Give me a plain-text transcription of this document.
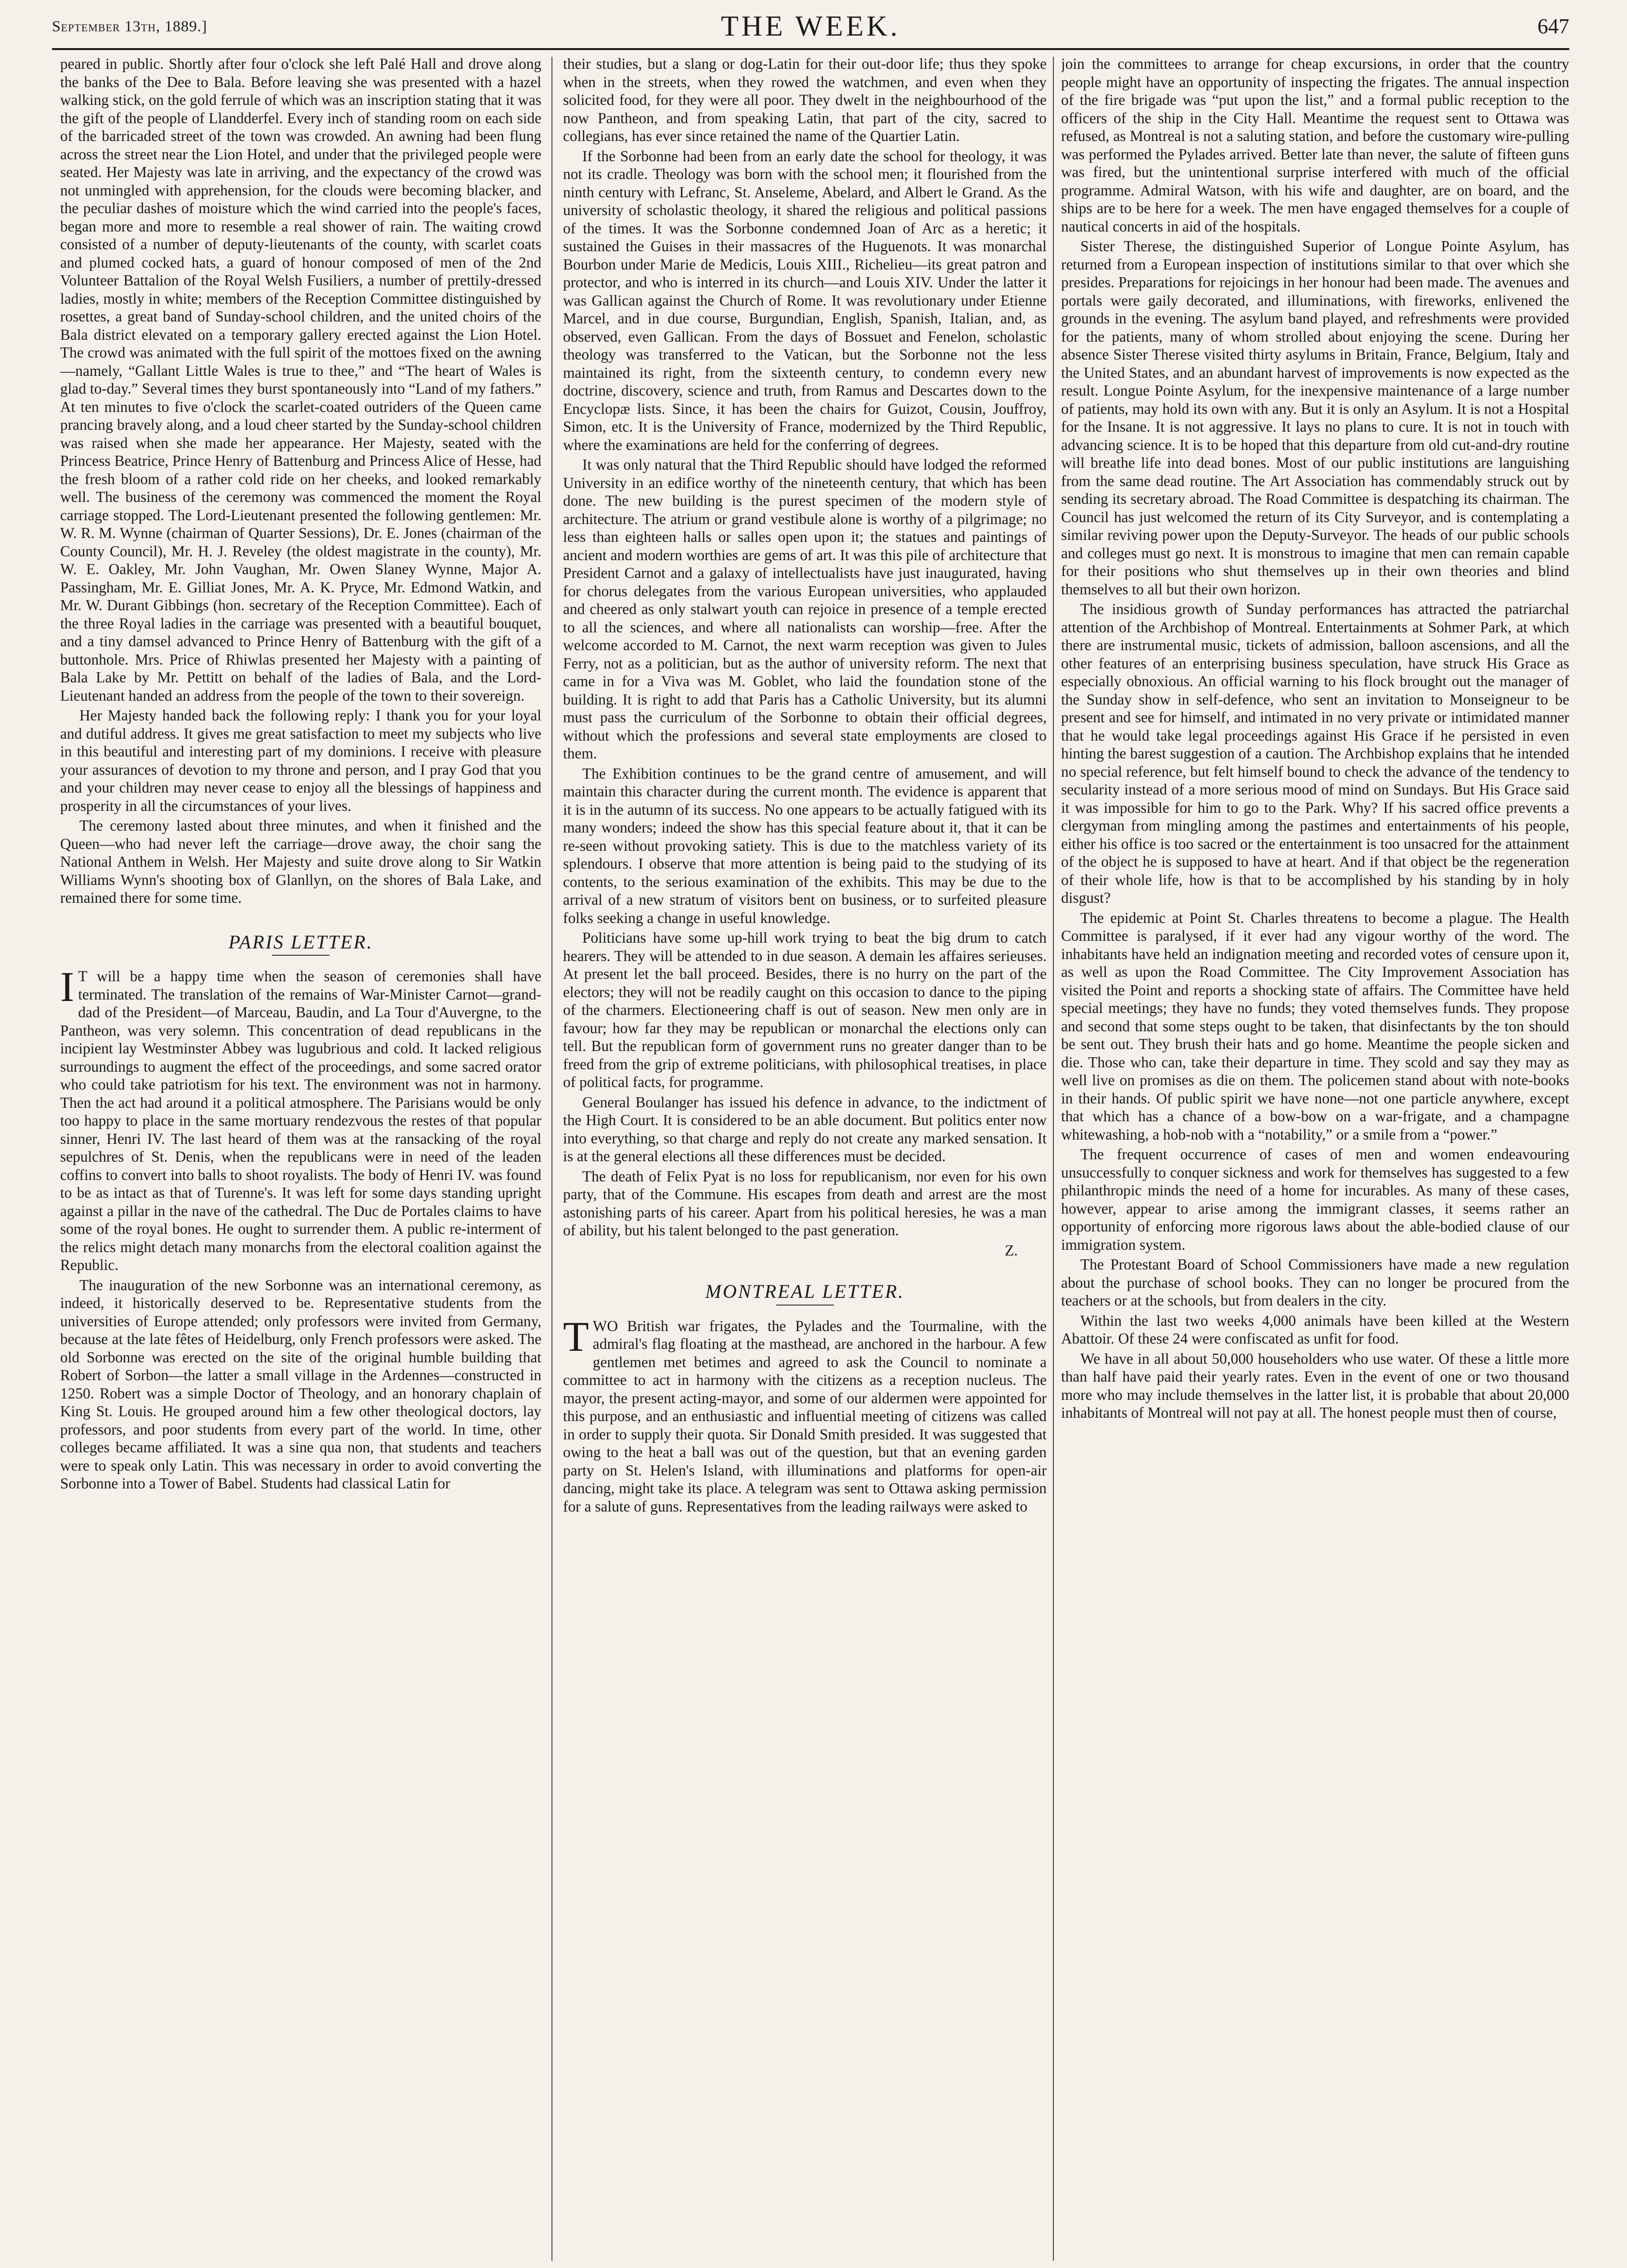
September 13th, 1889.]	THE WEEK.	647

peared in public. Shortly after four o'clock she left Palé Hall and drove along the banks of the Dee to Bala. Before leaving she was presented with a hazel walking stick, on the gold ferrule of which was an inscription stating that it was the gift of the people of Llandderfel. Every inch of standing room on each side of the barricaded street of the town was crowded. An awning had been flung across the street near the Lion Hotel, and under that the privileged people were seated. Her Majesty was late in arriving, and the expectancy of the crowd was not unmingled with apprehension, for the clouds were becoming blacker, and the peculiar dashes of moisture which the wind carried into the people's faces, began more and more to resemble a real shower of rain. The waiting crowd consisted of a number of deputy-lieutenants of the county, with scarlet coats and plumed cocked hats, a guard of honour composed of men of the 2nd Volunteer Battalion of the Royal Welsh Fusiliers, a number of prettily-dressed ladies, mostly in white; members of the Reception Committee distinguished by rosettes, a great band of Sunday-school children, and the united choirs of the Bala district elevated on a temporary gallery erected against the Lion Hotel. The crowd was animated with the full spirit of the mottoes fixed on the awning—namely, “Gallant Little Wales is true to thee,” and “The heart of Wales is glad to-day.” Several times they burst spontaneously into “Land of my fathers.” At ten minutes to five o'clock the scarlet-coated outriders of the Queen came prancing bravely along, and a loud cheer started by the Sunday-school children was raised when she made her appearance. Her Majesty, seated with the Princess Beatrice, Prince Henry of Battenburg and Princess Alice of Hesse, had the fresh bloom of a rather cold ride on her cheeks, and looked remarkably well. The business of the ceremony was commenced the moment the Royal carriage stopped. The Lord-Lieutenant presented the following gentlemen: Mr. W. R. M. Wynne (chairman of Quarter Sessions), Dr. E. Jones (chairman of the County Council), Mr. H. J. Reveley (the oldest magistrate in the county), Mr. W. E. Oakley, Mr. John Vaughan, Mr. Owen Slaney Wynne, Major A. Passingham, Mr. E. Gilliat Jones, Mr. A. K. Pryce, Mr. Edmond Watkin, and Mr. W. Durant Gibbings (hon. secretary of the Reception Committee). Each of the three Royal ladies in the carriage was presented with a beautiful bouquet, and a tiny damsel advanced to Prince Henry of Battenburg with the gift of a buttonhole. Mrs. Price of Rhiwlas presented her Majesty with a painting of Bala Lake by Mr. Pettitt on behalf of the ladies of Bala, and the Lord-Lieutenant handed an address from the people of the town to their sovereign.

Her Majesty handed back the following reply: I thank you for your loyal and dutiful address. It gives me great satisfaction to meet my subjects who live in this beautiful and interesting part of my dominions. I receive with pleasure your assurances of devotion to my throne and person, and I pray God that you and your children may never cease to enjoy all the blessings of happiness and prosperity in all the circumstances of your lives.

The ceremony lasted about three minutes, and when it finished and the Queen—who had never left the carriage—drove away, the choir sang the National Anthem in Welsh. Her Majesty and suite drove along to Sir Watkin Williams Wynn's shooting box of Glanllyn, on the shores of Bala Lake, and remained there for some time.

PARIS LETTER.

I T will be a happy time when the season of ceremonies shall have terminated. The translation of the remains of War-Minister Carnot—grand-dad of the President—of Marceau, Baudin, and La Tour d'Auvergne, to the Pantheon, was very solemn. This concentration of dead republicans in the incipient lay Westminster Abbey was lugubrious and cold. It lacked religious surroundings to augment the effect of the proceedings, and some sacred orator who could take patriotism for his text. The environment was not in harmony. Then the act had around it a political atmosphere. The Parisians would be only too happy to place in the same mortuary rendezvous the restes of that popular sinner, Henri IV. The last heard of them was at the ransacking of the royal sepulchres of St. Denis, when the republicans were in need of the leaden coffins to convert into balls to shoot royalists. The body of Henri IV. was found to be as intact as that of Turenne's. It was left for some days standing upright against a pillar in the nave of the cathedral. The Duc de Portales claims to have some of the royal bones. He ought to surrender them. A public re-interment of the relics might detach many monarchs from the electoral coalition against the Republic.

The inauguration of the new Sorbonne was an international ceremony, as indeed, it historically deserved to be. Representative students from the universities of Europe attended; only professors were invited from Germany, because at the late fêtes of Heidelburg, only French professors were asked. The old Sorbonne was erected on the site of the original humble building that Robert of Sorbon—the latter a small village in the Ardennes—constructed in 1250. Robert was a simple Doctor of Theology, and an honorary chaplain of King St. Louis. He grouped around him a few other theological doctors, lay professors, and poor students from every part of the world. In time, other colleges became affiliated. It was a sine qua non, that students and teachers were to speak only Latin. This was necessary in order to avoid converting the Sorbonne into a Tower of Babel. Students had classical Latin for

their studies, but a slang or dog-Latin for their out-door life; thus they spoke when in the streets, when they rowed the watchmen, and even when they solicited food, for they were all poor. They dwelt in the neighbourhood of the now Pantheon, and from speaking Latin, that part of the city, sacred to collegians, has ever since retained the name of the Quartier Latin.

If the Sorbonne had been from an early date the school for theology, it was not its cradle. Theology was born with the school men; it flourished from the ninth century with Lefranc, St. Anseleme, Abelard, and Albert le Grand. As the university of scholastic theology, it shared the religious and political passions of the times. It was the Sorbonne condemned Joan of Arc as a heretic; it sustained the Guises in their massacres of the Huguenots. It was monarchal Bourbon under Marie de Medicis, Louis XIII., Richelieu—its great patron and protector, and who is interred in its church—and Louis XIV. Under the latter it was Gallican against the Church of Rome. It was revolutionary under Etienne Marcel, and in due course, Burgundian, English, Spanish, Italian, and, as observed, even Gallican. From the days of Bossuet and Fenelon, scholastic theology was transferred to the Vatican, but the Sorbonne not the less maintained its right, from the sixteenth century, to condemn every new doctrine, discovery, science and truth, from Ramus and Descartes down to the Encyclopæ lists. Since, it has been the chairs for Guizot, Cousin, Jouffroy, Simon, etc. It is the University of France, modernized by the Third Republic, where the examinations are held for the conferring of degrees.

It was only natural that the Third Republic should have lodged the reformed University in an edifice worthy of the nineteenth century, that which has been done. The new building is the purest specimen of the modern style of architecture. The atrium or grand vestibule alone is worthy of a pilgrimage; no less than eighteen halls or salles open upon it; the statues and paintings of ancient and modern worthies are gems of art. It was this pile of architecture that President Carnot and a galaxy of intellectualists have just inaugurated, having for chorus delegates from the various European universities, who applauded and cheered as only stalwart youth can rejoice in presence of a temple erected to all the sciences, and where all nationalists can worship—free. After the welcome accorded to M. Carnot, the next warm reception was given to Jules Ferry, not as a politician, but as the author of university reform. The next that came in for a Viva was M. Goblet, who laid the foundation stone of the building. It is right to add that Paris has a Catholic University, but its alumni must pass the curriculum of the Sorbonne to obtain their official degrees, without which the professions and several state employments are closed to them.

The Exhibition continues to be the grand centre of amusement, and will maintain this character during the current month. The evidence is apparent that it is in the autumn of its success. No one appears to be actually fatigued with its many wonders; indeed the show has this special feature about it, that it can be re-seen without provoking satiety. This is due to the matchless variety of its splendours. I observe that more attention is being paid to the studying of its contents, to the serious examination of the exhibits. This may be due to the arrival of a new stratum of visitors bent on business, or to surfeited pleasure folks seeking a change in useful knowledge.

Politicians have some up-hill work trying to beat the big drum to catch hearers. They will be attended to in due season. A demain les affaires serieuses. At present let the ball proceed. Besides, there is no hurry on the part of the electors; they will not be readily caught on this occasion to dance to the piping of the charmers. Electioneering chaff is out of season. New men only are in favour; how far they may be republican or monarchal the elections only can tell. But the republican form of government runs no greater danger than to be freed from the grip of extreme politicians, with philosophical treatises, in place of political facts, for programme.

General Boulanger has issued his defence in advance, to the indictment of the High Court. It is considered to be an able document. But politics enter now into everything, so that charge and reply do not create any marked sensation. It is at the general elections all these differences must be decided.

The death of Felix Pyat is no loss for republicanism, nor even for his own party, that of the Commune. His escapes from death and arrest are the most astonishing parts of his career. Apart from his political heresies, he was a man of ability, but his talent belonged to the past generation.

Z.

MONTREAL LETTER.

TWO British war frigates, the Pylades and the Tourmaline, with the admiral's flag floating at the masthead, are anchored in the harbour. A few gentlemen met betimes and agreed to ask the Council to nominate a committee to act in harmony with the citizens as a reception nucleus. The mayor, the present acting-mayor, and some of our aldermen were appointed for this purpose, and an enthusiastic and influential meeting of citizens was called in order to supply their quota. Sir Donald Smith presided. It was suggested that owing to the heat a ball was out of the question, but that an evening garden party on St. Helen's Island, with illuminations and platforms for open-air dancing, might take its place. A telegram was sent to Ottawa asking permission for a salute of guns. Representatives from the leading railways were asked to

join the committees to arrange for cheap excursions, in order that the country people might have an opportunity of inspecting the frigates. The annual inspection of the fire brigade was “put upon the list,” and a formal public reception to the officers of the ship in the City Hall. Meantime the request sent to Ottawa was refused, as Montreal is not a saluting station, and before the customary wire-pulling was performed the Pylades arrived. Better late than never, the salute of fifteen guns was fired, but the unintentional surprise interfered with much of the official programme. Admiral Watson, with his wife and daughter, are on board, and the ships are to be here for a week. The men have engaged themselves for a couple of nautical concerts in aid of the hospitals.

Sister Therese, the distinguished Superior of Longue Pointe Asylum, has returned from a European inspection of institutions similar to that over which she presides. Preparations for rejoicings in her honour had been made. The avenues and portals were gaily decorated, and illuminations, with fireworks, enlivened the grounds in the evening. The asylum band played, and refreshments were provided for the patients, many of whom strolled about enjoying the scene. During her absence Sister Therese visited thirty asylums in Britain, France, Belgium, Italy and the United States, and an abundant harvest of improvements is now expected as the result. Longue Pointe Asylum, for the inexpensive maintenance of a large number of patients, may hold its own with any. But it is only an Asylum. It is not a Hospital for the Insane. It is not aggressive. It lays no plans to cure. It is not in touch with advancing science. It is to be hoped that this departure from old cut-and-dry routine will breathe life into dead bones. Most of our public institutions are languishing from the same dead routine. The Art Association has commendably struck out by sending its secretary abroad. The Road Committee is despatching its chairman. The Council has just welcomed the return of its City Surveyor, and is contemplating a similar reviving power upon the Deputy-Surveyor. The heads of our public schools and colleges must go next. It is monstrous to imagine that men can remain capable for their positions who shut themselves up in their own theories and blind themselves to all but their own horizon.

The insidious growth of Sunday performances has attracted the patriarchal attention of the Archbishop of Montreal. Entertainments at Sohmer Park, at which there are instrumental music, tickets of admission, balloon ascensions, and all the other features of an enterprising business speculation, have struck His Grace as especially obnoxious. An official warning to his flock brought out the manager of the Sunday show in self-defence, who sent an invitation to Monseigneur to be present and see for himself, and intimated in no very private or intimidated manner that he would take legal proceedings against His Grace if he persisted in even hinting the barest suggestion of a caution. The Archbishop explains that he intended no special reference, but felt himself bound to check the advance of the tendency to secularity instead of a more serious mood of mind on Sundays. But His Grace said it was impossible for him to go to the Park. Why? If his sacred office prevents a clergyman from mingling among the pastimes and entertainments of his people, either his office is too sacred or the entertainment is too unsacred for the attainment of the object he is supposed to have at heart. And if that object be the regeneration of their whole life, how is that to be accomplished by his standing by in holy disgust?

The epidemic at Point St. Charles threatens to become a plague. The Health Committee is paralysed, if it ever had any vigour worthy of the word. The inhabitants have held an indignation meeting and recorded votes of censure upon it, as well as upon the Road Committee. The City Improvement Association has visited the Point and reports a shocking state of affairs. The Committee have held special meetings; they have no funds; they voted themselves funds. They propose and second that some steps ought to be taken, that disinfectants by the ton should be sent out. They brush their hats and go home. Meantime the people sicken and die. Those who can, take their departure in time. They scold and say they may as well live on promises as die on them. The policemen stand about with note-books in their hands. Of public spirit we have none—not one particle anywhere, except that which has a chance of a bow-bow on a war-frigate, and a champagne whitewashing, a hob-nob with a “notability,” or a smile from a “power.”

The frequent occurrence of cases of men and women endeavouring unsuccessfully to conquer sickness and work for themselves has suggested to a few philanthropic minds the need of a home for incurables. As many of these cases, however, appear to arise among the immigrant classes, it seems rather an opportunity of enforcing more rigorous laws about the able-bodied clause of our immigration system.

The Protestant Board of School Commissioners have made a new regulation about the purchase of school books. They can no longer be procured from the teachers or at the schools, but from dealers in the city.

Within the last two weeks 4,000 animals have been killed at the Western Abattoir. Of these 24 were confiscated as unfit for food.

We have in all about 50,000 householders who use water. Of these a little more than half have paid their yearly rates. Even in the event of one or two thousand more who may include themselves in the latter list, it is probable that about 20,000 inhabitants of Montreal will not pay at all. The honest people must then of course,
